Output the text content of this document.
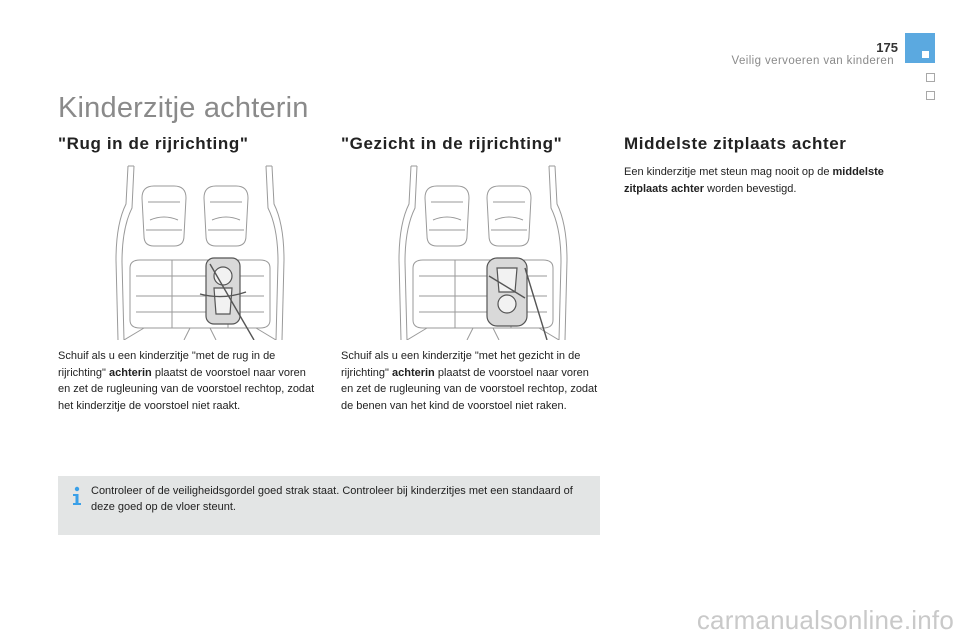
175
Veilig vervoeren van kinderen
Kinderzitje achterin
"Rug in de rijrichting"

Schuif als u een kinderzitje "met de rug in de rijrichting" achterin plaatst de voorstoel naar voren en zet de rugleuning van de voorstoel rechtop, zodat het kinderzitje de voorstoel niet raakt.

"Gezicht in de rijrichting"

Schuif als u een kinderzitje "met het gezicht in de rijrichting" achterin plaatst de voorstoel naar voren en zet de rugleuning van de voorstoel rechtop, zodat de benen van het kind de voorstoel niet raken.

Middelste zitplaats achter

Een kinderzitje met steun mag nooit op de middelste zitplaats achter worden bevestigd.

Controleer of de veiligheidsgordel goed strak staat. Controleer bij kinderzitjes met een standaard of deze goed op de vloer steunt.

carmanualsonline.info
